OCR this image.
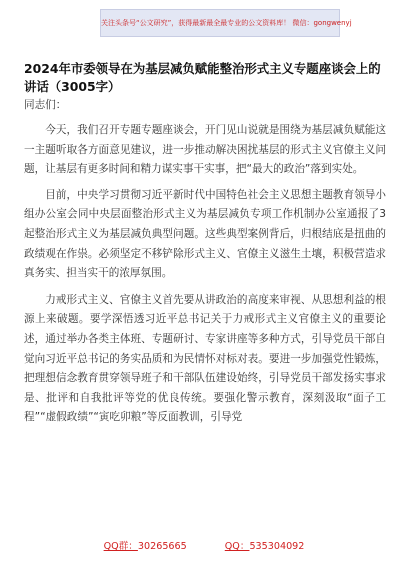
关注头条号“公文研究”，获得最新最全最专业的公文资料库！ 微信：gongwenyj
2024年市委领导在为基层减负赋能整治形式主义专题座谈会上的讲话（3005字）
同志们：

今天，我们召开专题专题座谈会，开门见山说就是围绕为基层减负赋能这一主题听取各方面意见建议，进一步推动解决困扰基层的形式主义官僚主义问题，让基层有更多时间和精力谋实事干实事，把“最大的政治”落到实处。

目前，中央学习贯彻习近平新时代中国特色社会主义思想主题教育领导小组办公室会同中央层面整治形式主义为基层减负专项工作机制办公室通报了3起整治形式主义为基层减负典型问题。这些典型案例背后，归根结底是扭曲的政绩观在作祟。必须坚定不移铲除形式主义、官僚主义滋生土壤，积极营造求真务实、担当实干的浓厚氛围。

力戒形式主义、官僚主义首先要从讲政治的高度来审视、从思想利益的根源上来破题。要学深悟透习近平总书记关于力戒形式主义官僚主义的重要论述，通过举办各类主体班、专题研讨、专家讲座等多种方式，引导党员干部自觉向习近平总书记的务实品质和为民情怀对标对表。要进一步加强党性锻炼，把理想信念教育贯穿领导班子和干部队伍建设始终，引导党员干部发扬实事求是、批评和自我批评等党的优良传统。要强化警示教育，深刻汲取“面子工程”“虚假政绩”“寅吃卯粮”等反面教训，引导党

QQ群：30265665	QQ：535304092
